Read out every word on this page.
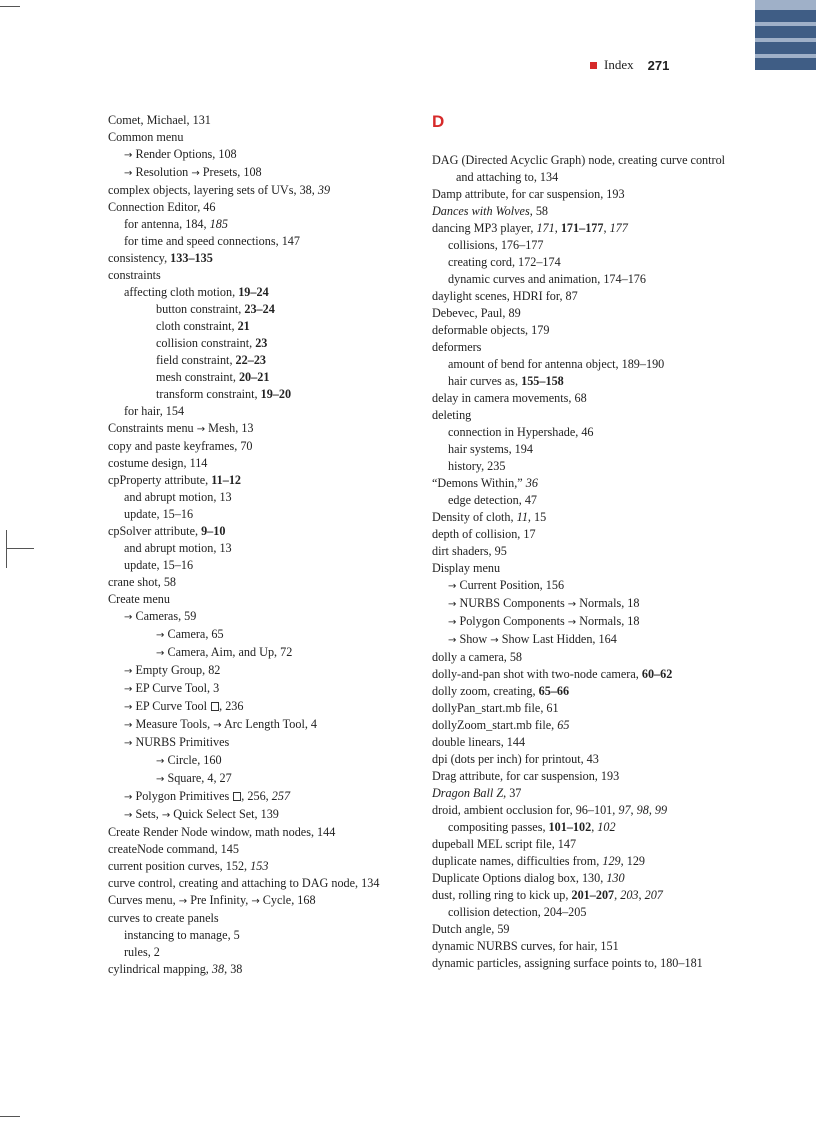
Index 271
D
Comet, Michael, 131
Common menu
→ Render Options, 108
→ Resolution → Presets, 108
complex objects, layering sets of UVs, 38, 39
Connection Editor, 46
for antenna, 184, 185
for time and speed connections, 147
consistency, 133–135
constraints
affecting cloth motion, 19–24
button constraint, 23–24
cloth constraint, 21
collision constraint, 23
field constraint, 22–23
mesh constraint, 20–21
transform constraint, 19–20
for hair, 154
Constraints menu → Mesh, 13
copy and paste keyframes, 70
costume design, 114
cpProperty attribute, 11–12
and abrupt motion, 13
update, 15–16
cpSolver attribute, 9–10
and abrupt motion, 13
update, 15–16
crane shot, 58
Create menu
→ Cameras, 59
→ Camera, 65
→ Camera, Aim, and Up, 72
→ Empty Group, 82
→ EP Curve Tool, 3
→ EP Curve Tool , 236
→ Measure Tools, → Arc Length Tool, 4
→ NURBS Primitives
→ Circle, 160
→ Square, 4, 27
→ Polygon Primitives , 256, 257
→ Sets, → Quick Select Set, 139
Create Render Node window, math nodes, 144
createNode command, 145
current position curves, 152, 153
curve control, creating and attaching to DAG node, 134
Curves menu, → Pre Infinity, → Cycle, 168
curves to create panels
instancing to manage, 5
rules, 2
cylindrical mapping, 38, 38
DAG (Directed Acyclic Graph) node, creating curve control and attaching to, 134
Damp attribute, for car suspension, 193
Dances with Wolves, 58
dancing MP3 player, 171, 171–177, 177
collisions, 176–177
creating cord, 172–174
dynamic curves and animation, 174–176
daylight scenes, HDRI for, 87
Debevec, Paul, 89
deformable objects, 179
deformers
amount of bend for antenna object, 189–190
hair curves as, 155–158
delay in camera movements, 68
deleting
connection in Hypershade, 46
hair systems, 194
history, 235
“Demons Within,” 36
edge detection, 47
Density of cloth, 11, 15
depth of collision, 17
dirt shaders, 95
Display menu
→ Current Position, 156
→ NURBS Components → Normals, 18
→ Polygon Components → Normals, 18
→ Show → Show Last Hidden, 164
dolly a camera, 58
dolly-and-pan shot with two-node camera, 60–62
dolly zoom, creating, 65–66
dollyPan_start.mb file, 61
dollyZoom_start.mb file, 65
double linears, 144
dpi (dots per inch) for printout, 43
Drag attribute, for car suspension, 193
Dragon Ball Z, 37
droid, ambient occlusion for, 96–101, 97, 98, 99
compositing passes, 101–102, 102
dupeball MEL script file, 147
duplicate names, difficulties from, 129, 129
Duplicate Options dialog box, 130, 130
dust, rolling ring to kick up, 201–207, 203, 207
collision detection, 204–205
Dutch angle, 59
dynamic NURBS curves, for hair, 151
dynamic particles, assigning surface points to, 180–181
